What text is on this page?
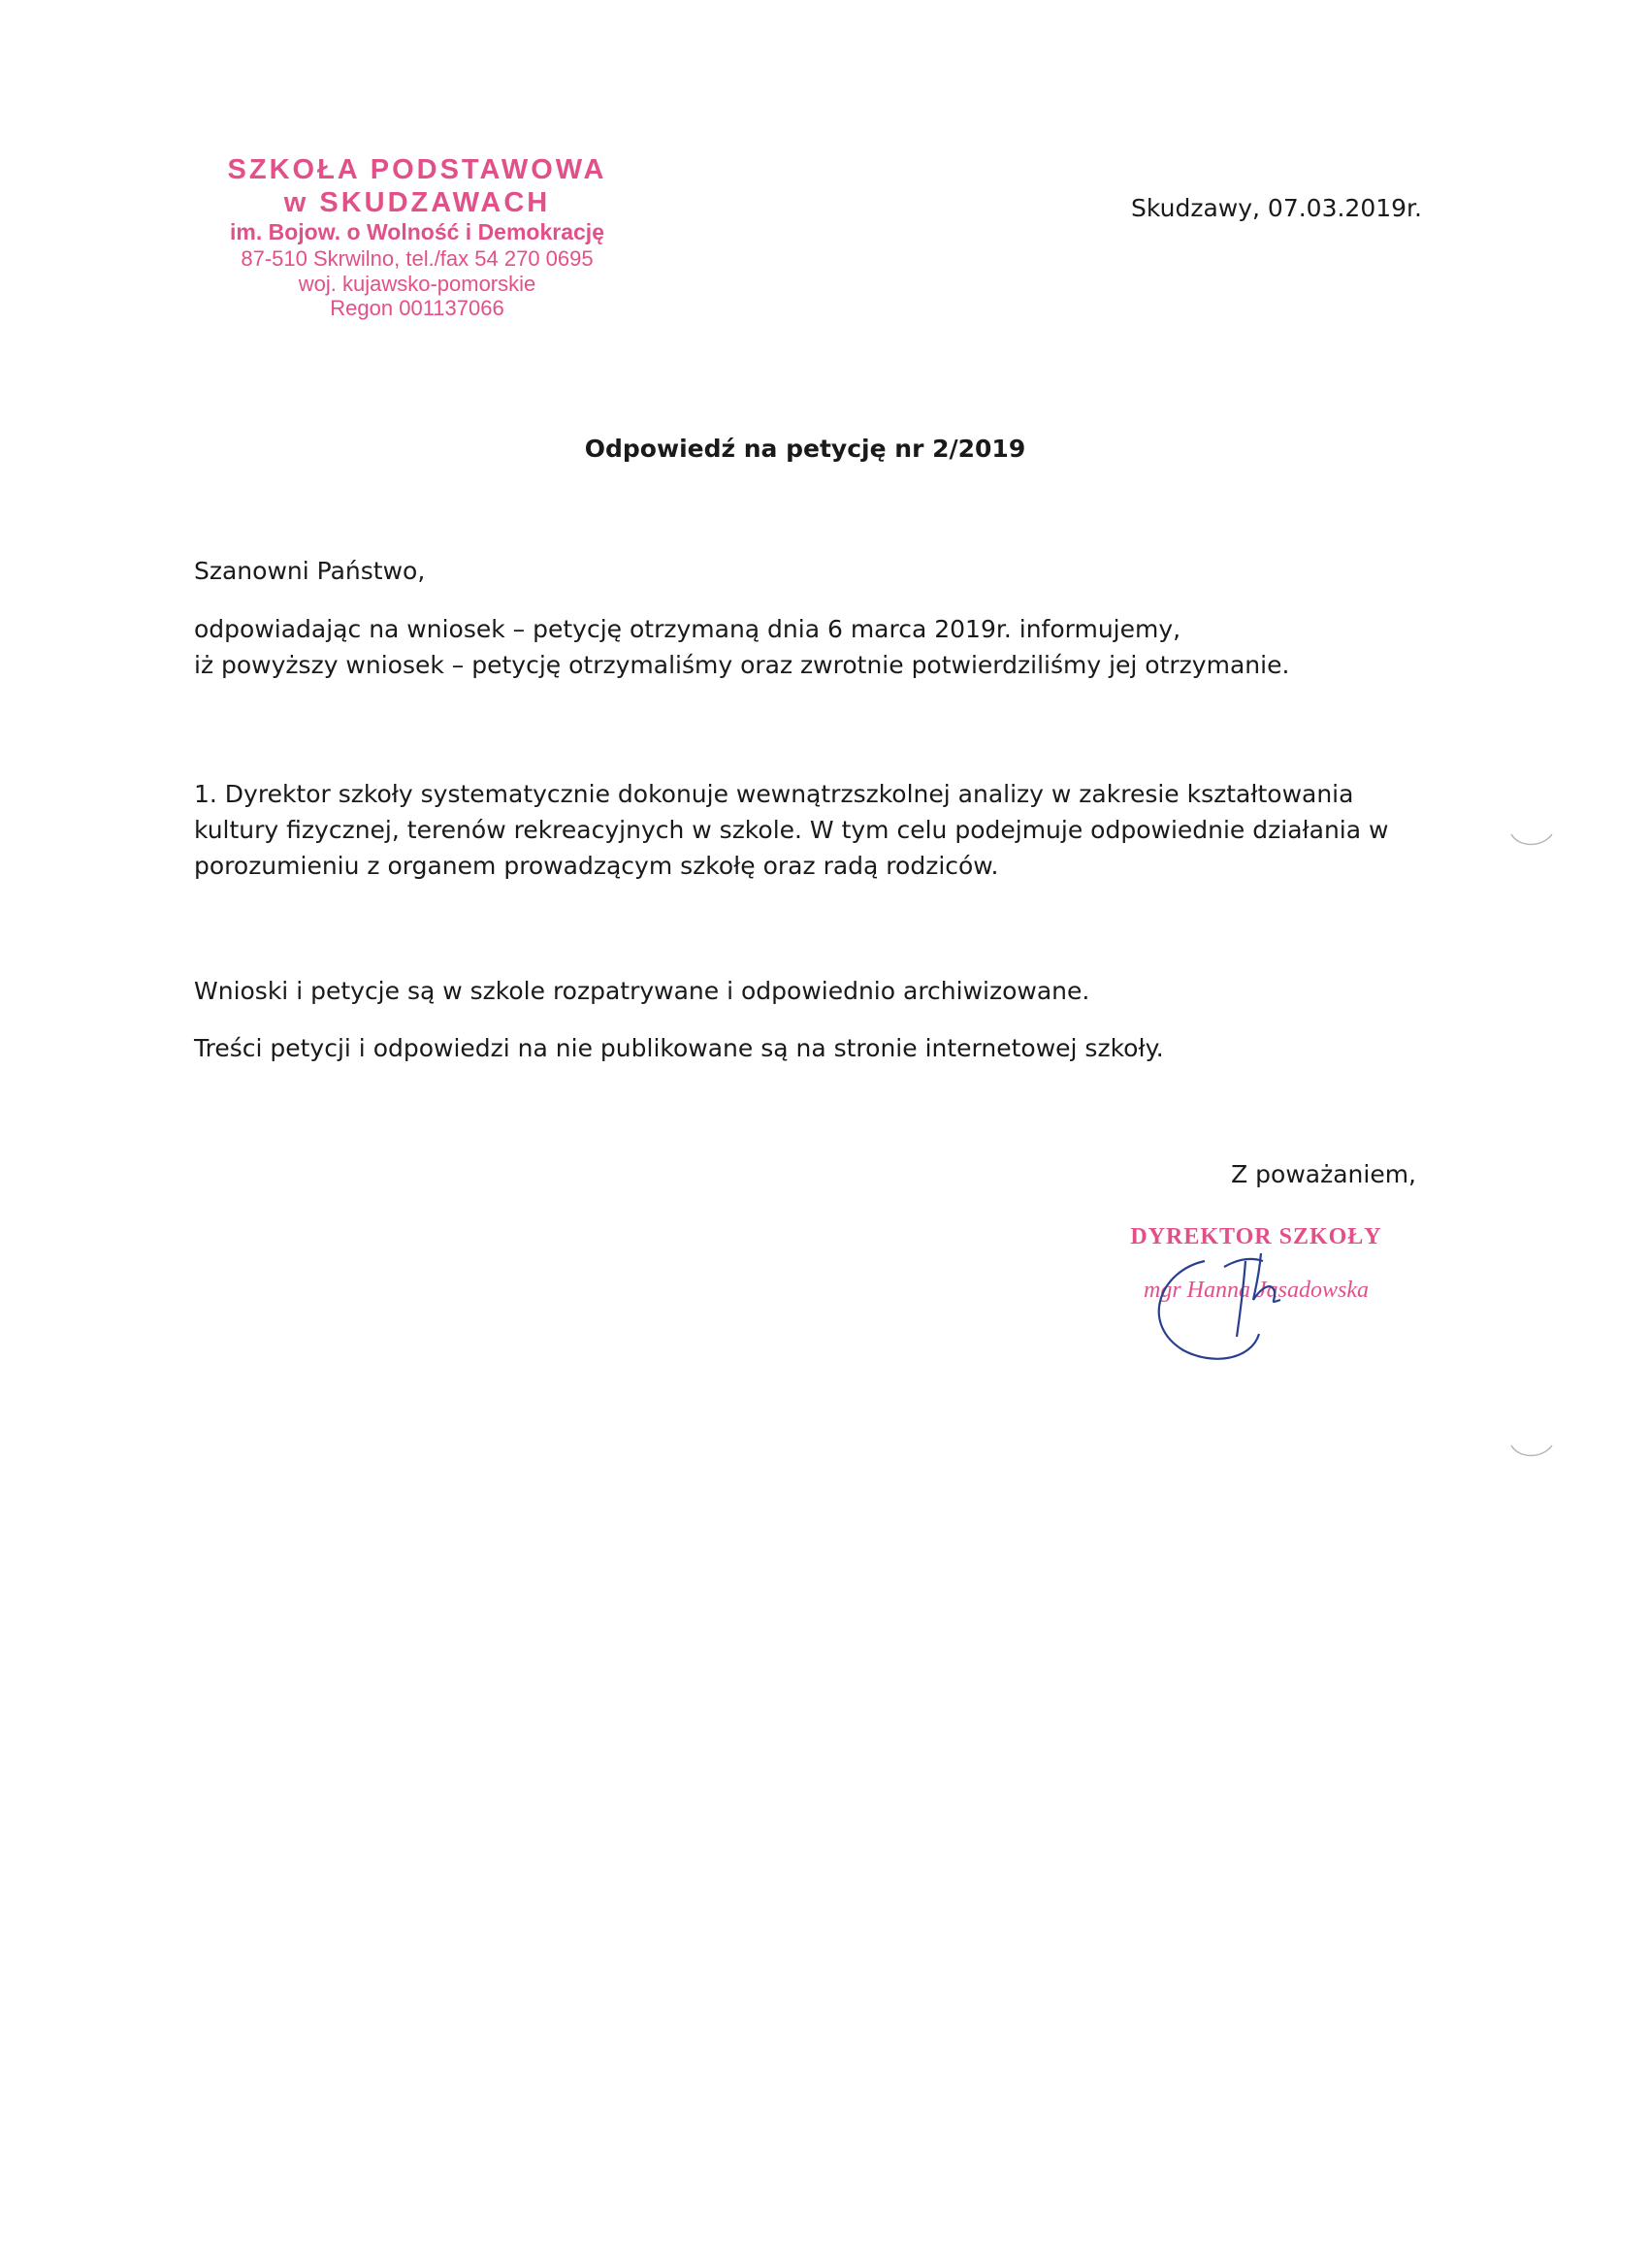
SZKOŁA PODSTAWOWA
w SKUDZAWACH
im. Bojow. o Wolność i Demokrację
87-510 Skrwilno, tel./fax 54 270 0695
woj. kujawsko-pomorskie
Regon 001137066
Skudzawy, 07.03.2019r.
Odpowiedź na petycję nr 2/2019
Szanowni Państwo,
odpowiadając na wniosek – petycję otrzymaną dnia 6 marca 2019r. informujemy,
iż powyższy wniosek – petycję otrzymaliśmy oraz zwrotnie potwierdziliśmy jej otrzymanie.
1. Dyrektor szkoły systematycznie dokonuje wewnątrzszkolnej analizy w zakresie kształtowania
kultury fizycznej, terenów rekreacyjnych w szkole. W tym celu podejmuje odpowiednie działania w
porozumieniu z organem prowadzącym szkołę oraz radą rodziców.
Wnioski i petycje są w szkole rozpatrywane i odpowiednio archiwizowane.
Treści petycji i odpowiedzi na nie publikowane są na stronie internetowej szkoły.
Z poważaniem,
DYREKTOR SZKOŁY
mgr Hanna Jasadowska
